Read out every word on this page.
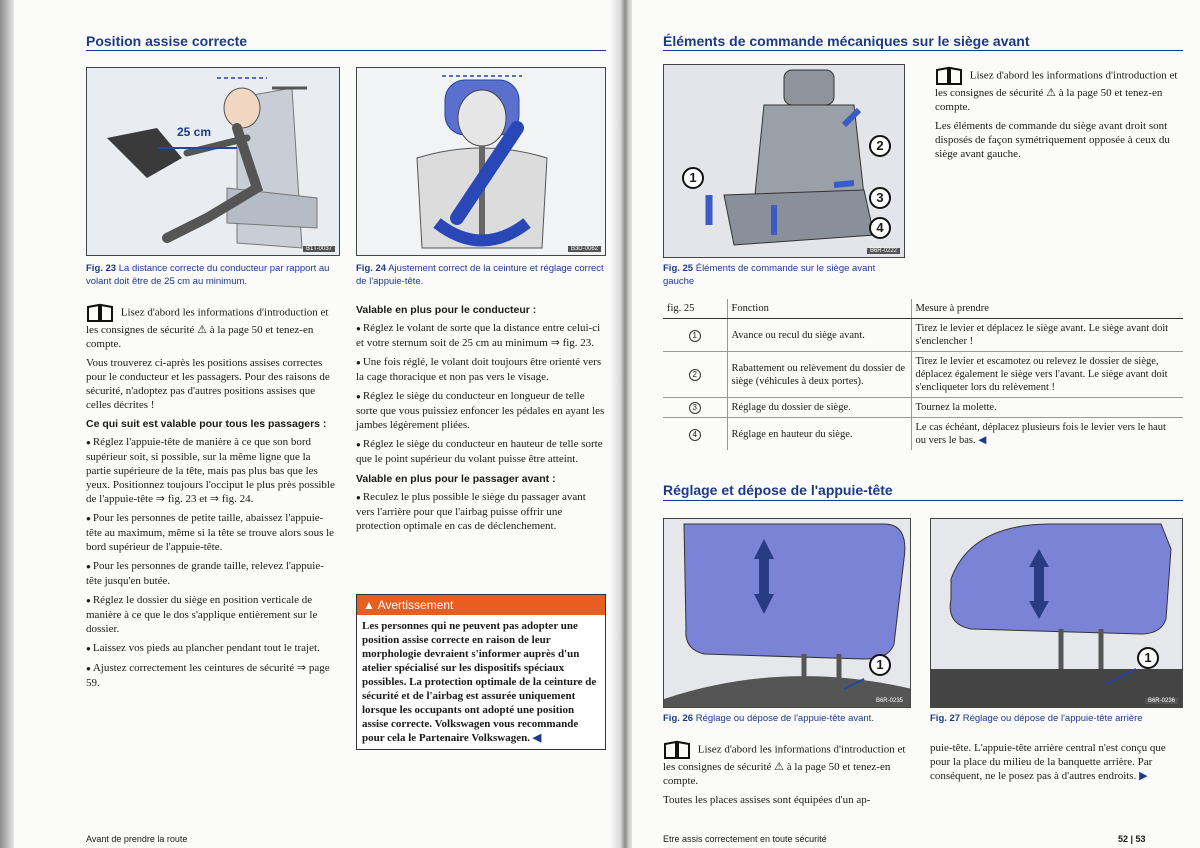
Position assise correcte
25 cm
B1T-0037
Fig. 23 La distance correcte du conducteur par rapport au volant doit être de 25 cm au minimum.
B3D-0062
Fig. 24 Ajustement correct de la ceinture et réglage correct de l'appuie-tête.

Lisez d'abord les informations d'introduction et les consignes de sécurité ⚠ à la page 50 et tenez-en compte.

Vous trouverez ci-après les positions assises correctes pour le conducteur et les passagers. Pour des raisons de sécurité, n'adoptez pas d'autres positions assises que celles décrites !

Ce qui suit est valable pour tous les passagers :

● Réglez l'appuie-tête de manière à ce que son bord supérieur soit, si possible, sur la même ligne que la partie supérieure de la tête, mais pas plus bas que les yeux. Positionnez toujours l'occiput le plus près possible de l'appuie-tête ⇒ fig. 23 et ⇒ fig. 24.

● Pour les personnes de petite taille, abaissez l'appuie-tête au maximum, même si la tête se trouve alors sous le bord supérieur de l'appuie-tête.

● Pour les personnes de grande taille, relevez l'appuie-tête jusqu'en butée.

● Réglez le dossier du siège en position verticale de manière à ce que le dos s'applique entièrement sur le dossier.

● Laissez vos pieds au plancher pendant tout le trajet.

● Ajustez correctement les ceintures de sécurité ⇒ page 59.

Valable en plus pour le conducteur :

● Réglez le volant de sorte que la distance entre celui-ci et votre sternum soit de 25 cm au minimum ⇒ fig. 23.

● Une fois réglé, le volant doit toujours être orienté vers la cage thoracique et non pas vers le visage.

● Réglez le siège du conducteur en longueur de telle sorte que vous puissiez enfoncer les pédales en ayant les jambes légèrement pliées.

● Réglez le siège du conducteur en hauteur de telle sorte que le point supérieur du volant puisse être atteint.

Valable en plus pour le passager avant :

● Reculez le plus possible le siège du passager avant vers l'arrière pour que l'airbag puisse offrir une protection optimale en cas de déclenchement.

▲ Avertissement
Les personnes qui ne peuvent pas adopter une position assise correcte en raison de leur morphologie devraient s'informer auprès d'un atelier spécialisé sur les dispositifs spéciaux possibles. La protection optimale de la ceinture de sécurité et de l'airbag est assurée uniquement lorsque les occupants ont adopté une position assise correcte. Volkswagen vous recommande pour cela le Partenaire Volkswagen. ◀
Avant de prendre la route
Éléments de commande mécaniques sur le siège avant
2
3
4
1
B6R-0222
Fig. 25 Éléments de commande sur le siège avant gauche

Lisez d'abord les informations d'introduction et les consignes de sécurité ⚠ à la page 50 et tenez-en compte.

Les éléments de commande du siège avant droit sont disposés de façon symétriquement opposée à ceux du siège avant gauche.

fig. 25	Fonction	Mesure à prendre
1	Avance ou recul du siège avant.	Tirez le levier et déplacez le siège avant. Le siège avant doit s'enclencher !
2	Rabattement ou relèvement du dossier de siège (véhicules à deux portes).	Tirez le levier et escamotez ou relevez le dossier de siège, déplacez également le siège vers l'avant. Le siège avant doit s'encliqueter lors du relèvement !
3	Réglage du dossier de siège.	Tournez la molette.
4	Réglage en hauteur du siège.	Le cas échéant, déplacez plusieurs fois le levier vers le haut ou vers le bas. ◀
Réglage et dépose de l'appuie-tête
1
B6R-0235
Fig. 26 Réglage ou dépose de l'appuie-tête avant.
1
B6R-0236
Fig. 27 Réglage ou dépose de l'appuie-tête arrière

Lisez d'abord les informations d'introduction et les consignes de sécurité ⚠ à la page 50 et tenez-en compte.

Toutes les places assises sont équipées d'un ap-

puie-tête. L'appuie-tête arrière central n'est conçu que pour la place du milieu de la banquette arrière. Par conséquent, ne le posez pas à d'autres endroits. ▶

Etre assis correctement en toute sécurité	52 | 53
